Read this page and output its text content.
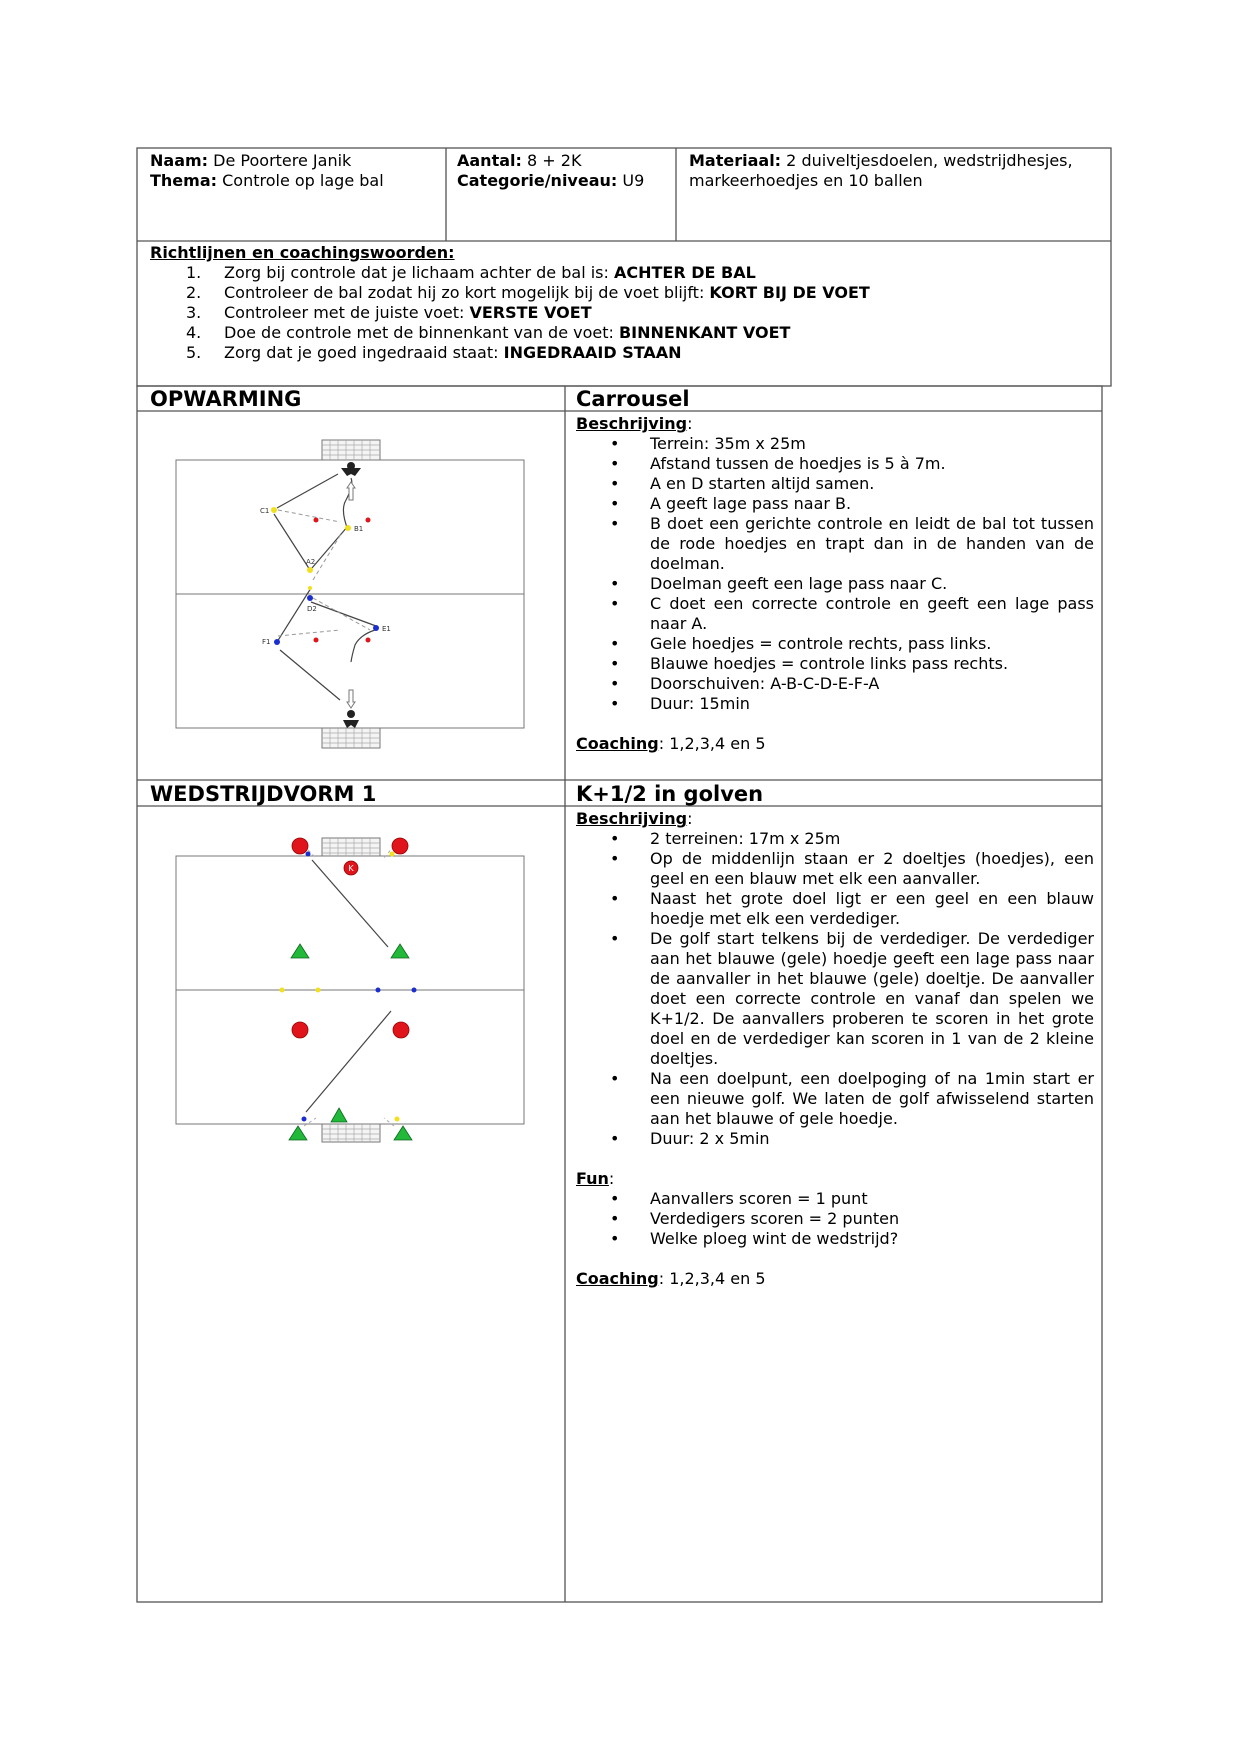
Naam: De Poortere Janik
Thema: Controle op lage bal
Aantal: 8 + 2K
Categorie/niveau: U9
Materiaal: 2 duiveltjesdoelen, wedstrijdhesjes, markeerhoedjes en 10 ballen
Richtlijnen en coachingswoorden:
1. Zorg bij controle dat je lichaam achter de bal is: ACHTER DE BAL
2. Controleer de bal zodat hij zo kort mogelijk bij de voet blijft: KORT BIJ DE VOET
3. Controleer met de juiste voet: VERSTE VOET
4. Doe de controle met de binnenkant van de voet: BINNENKANT VOET
5. Zorg dat je goed ingedraaid staat: INGEDRAAID STAAN
OPWARMING	Carrousel
C1
A2
B1
D2
E1
F1
Beschrijving:
• Terrein: 35m x 25m
• Afstand tussen de hoedjes is 5 à 7m.
• A en D starten altijd samen.
• A geeft lage pass naar B.
• B doet een gerichte controle en leidt de bal tot tussen de rode hoedjes en trapt dan in de handen van de doelman.
• Doelman geeft een lage pass naar C.
• C doet een correcte controle en geeft een lage pass naar A.
• Gele hoedjes = controle rechts, pass links.
• Blauwe hoedjes = controle links pass rechts.
• Doorschuiven: A-B-C-D-E-F-A
• Duur: 15min
Coaching: 1,2,3,4 en 5
WEDSTRIJDVORM 1	K+1/2 in golven
K
Beschrijving:
• 2 terreinen: 17m x 25m
• Op de middenlijn staan er 2 doeltjes (hoedjes), een geel en een blauw met elk een aanvaller.
• Naast het grote doel ligt er een geel en een blauw hoedje met elk een verdediger.
• De golf start telkens bij de verdediger. De verdediger aan het blauwe (gele) hoedje geeft een lage pass naar de aanvaller in het blauwe (gele) doeltje. De aanvaller doet een correcte controle en vanaf dan spelen we K+1/2. De aanvallers proberen te scoren in het grote doel en de verdediger kan scoren in 1 van de 2 kleine doeltjes.
• Na een doelpunt, een doelpoging of na 1min start er een nieuwe golf. We laten de golf afwisselend starten aan het blauwe of gele hoedje.
• Duur: 2 x 5min
Fun:
• Aanvallers scoren = 1 punt
• Verdedigers scoren = 2 punten
• Welke ploeg wint de wedstrijd?
Coaching: 1,2,3,4 en 5
